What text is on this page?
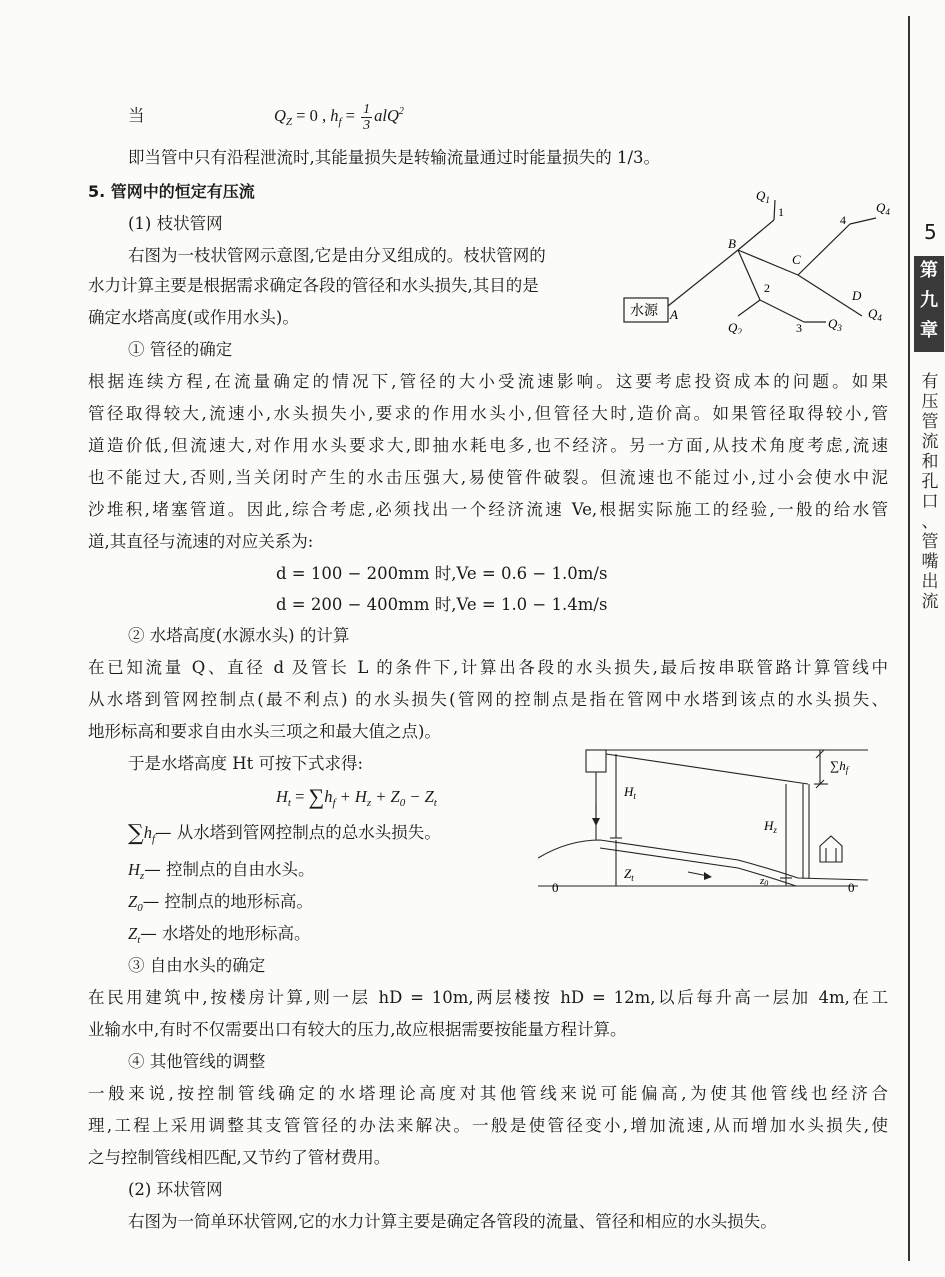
当	$Q_Z = 0$ , $h_f = \frac{1}{3} alQ^2$
即当管中只有沿程泄流时,其能量损失是转输流量通过时能量损失的 1/3。
5. 管网中的恒定有压流
(1) 枝状管网
右图为一枝状管网示意图,它是由分叉组成的。枝状管网的
水力计算主要是根据需求确定各段的管径和水头损失,其目的是
确定水塔高度(或作用水头)。
① 管径的确定
根据连续方程,在流量确定的情况下,管径的大小受流速影响。这要考虑投资成本的问题。如果
管径取得较大,流速小,水头损失小,要求的作用水头小,但管径大时,造价高。如果管径取得较小,管
道造价低,但流速大,对作用水头要求大,即抽水耗电多,也不经济。另一方面,从技术角度考虑,流速
也不能过大,否则,当关闭时产生的水击压强大,易使管件破裂。但流速也不能过小,过小会使水中泥
沙堆积,堵塞管道。因此,综合考虑,必须找出一个经济流速 Ve,根据实际施工的经验,一般的给水管
道,其直径与流速的对应关系为:
d = 100 − 200mm 时,Ve = 0.6 − 1.0m/s
d = 200 − 400mm 时,Ve = 1.0 − 1.4m/s
② 水塔高度(水源水头) 的计算
在已知流量 Q、直径 d 及管长 L 的条件下,计算出各段的水头损失,最后按串联管路计算管线中
从水塔到管网控制点(最不利点) 的水头损失(管网的控制点是指在管网中水塔到该点的水头损失、
地形标高和要求自由水头三项之和最大值之点)。
于是水塔高度 Ht 可按下式求得:
$H_t = \sum h_f + H_z + Z_0 - Z_t$
$\sum h_f—$ 从水塔到管网控制点的总水头损失。
$H_z—$ 控制点的自由水头。
$Z_0—$ 控制点的地形标高。
$Z_t—$ 水塔处的地形标高。
③ 自由水头的确定
在民用建筑中,按楼房计算,则一层 hD = 10m,两层楼按 hD = 12m,以后每升高一层加 4m,在工
业输水中,有时不仅需要出口有较大的压力,故应根据需要按能量方程计算。
④ 其他管线的调整
一般来说,按控制管线确定的水塔理论高度对其他管线来说可能偏高,为使其他管线也经济合
理,工程上采用调整其支管管径的办法来解决。一般是使管径变小,增加流速,从而增加水头损失,使
之与控制管线相匹配,又节约了管材费用。
(2) 环状管网
右图为一简单环状管网,它的水力计算主要是确定各管段的流量、管径和相应的水头损失。
水源 A
B
C
D
1
2
3
4
$Q_1$	$Q_4$
$Q_4$
$Q_2$
$Q_3$
$H_t$
$H_z$
$Z_t$	z0
$\sum h_f$
0	0
5
第
九
章
有
压
管
流
和
孔
口
、
管
嘴
出
流
